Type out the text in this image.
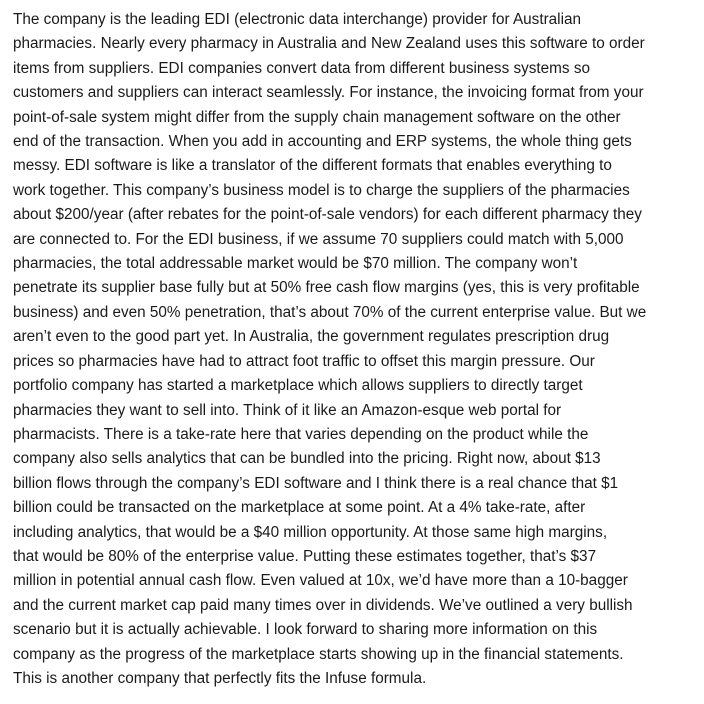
The company is the leading EDI (electronic data interchange) provider for Australian
pharmacies. Nearly every pharmacy in Australia and New Zealand uses this software to order
items from suppliers. EDI companies convert data from different business systems so
customers and suppliers can interact seamlessly. For instance, the invoicing format from your
point-of-sale system might differ from the supply chain management software on the other
end of the transaction. When you add in accounting and ERP systems, the whole thing gets
messy. EDI software is like a translator of the different formats that enables everything to
work together. This company’s business model is to charge the suppliers of the pharmacies
about $200/year (after rebates for the point-of-sale vendors) for each different pharmacy they
are connected to. For the EDI business, if we assume 70 suppliers could match with 5,000
pharmacies, the total addressable market would be $70 million. The company won’t
penetrate its supplier base fully but at 50% free cash flow margins (yes, this is very profitable
business) and even 50% penetration, that’s about 70% of the current enterprise value. But we
aren’t even to the good part yet. In Australia, the government regulates prescription drug
prices so pharmacies have had to attract foot traffic to offset this margin pressure. Our
portfolio company has started a marketplace which allows suppliers to directly target
pharmacies they want to sell into. Think of it like an Amazon-esque web portal for
pharmacists. There is a take-rate here that varies depending on the product while the
company also sells analytics that can be bundled into the pricing. Right now, about $13
billion flows through the company’s EDI software and I think there is a real chance that $1
billion could be transacted on the marketplace at some point. At a 4% take-rate, after
including analytics, that would be a $40 million opportunity. At those same high margins,
that would be 80% of the enterprise value. Putting these estimates together, that’s $37
million in potential annual cash flow. Even valued at 10x, we’d have more than a 10-bagger
and the current market cap paid many times over in dividends. We’ve outlined a very bullish
scenario but it is actually achievable. I look forward to sharing more information on this
company as the progress of the marketplace starts showing up in the financial statements.
This is another company that perfectly fits the Infuse formula.
